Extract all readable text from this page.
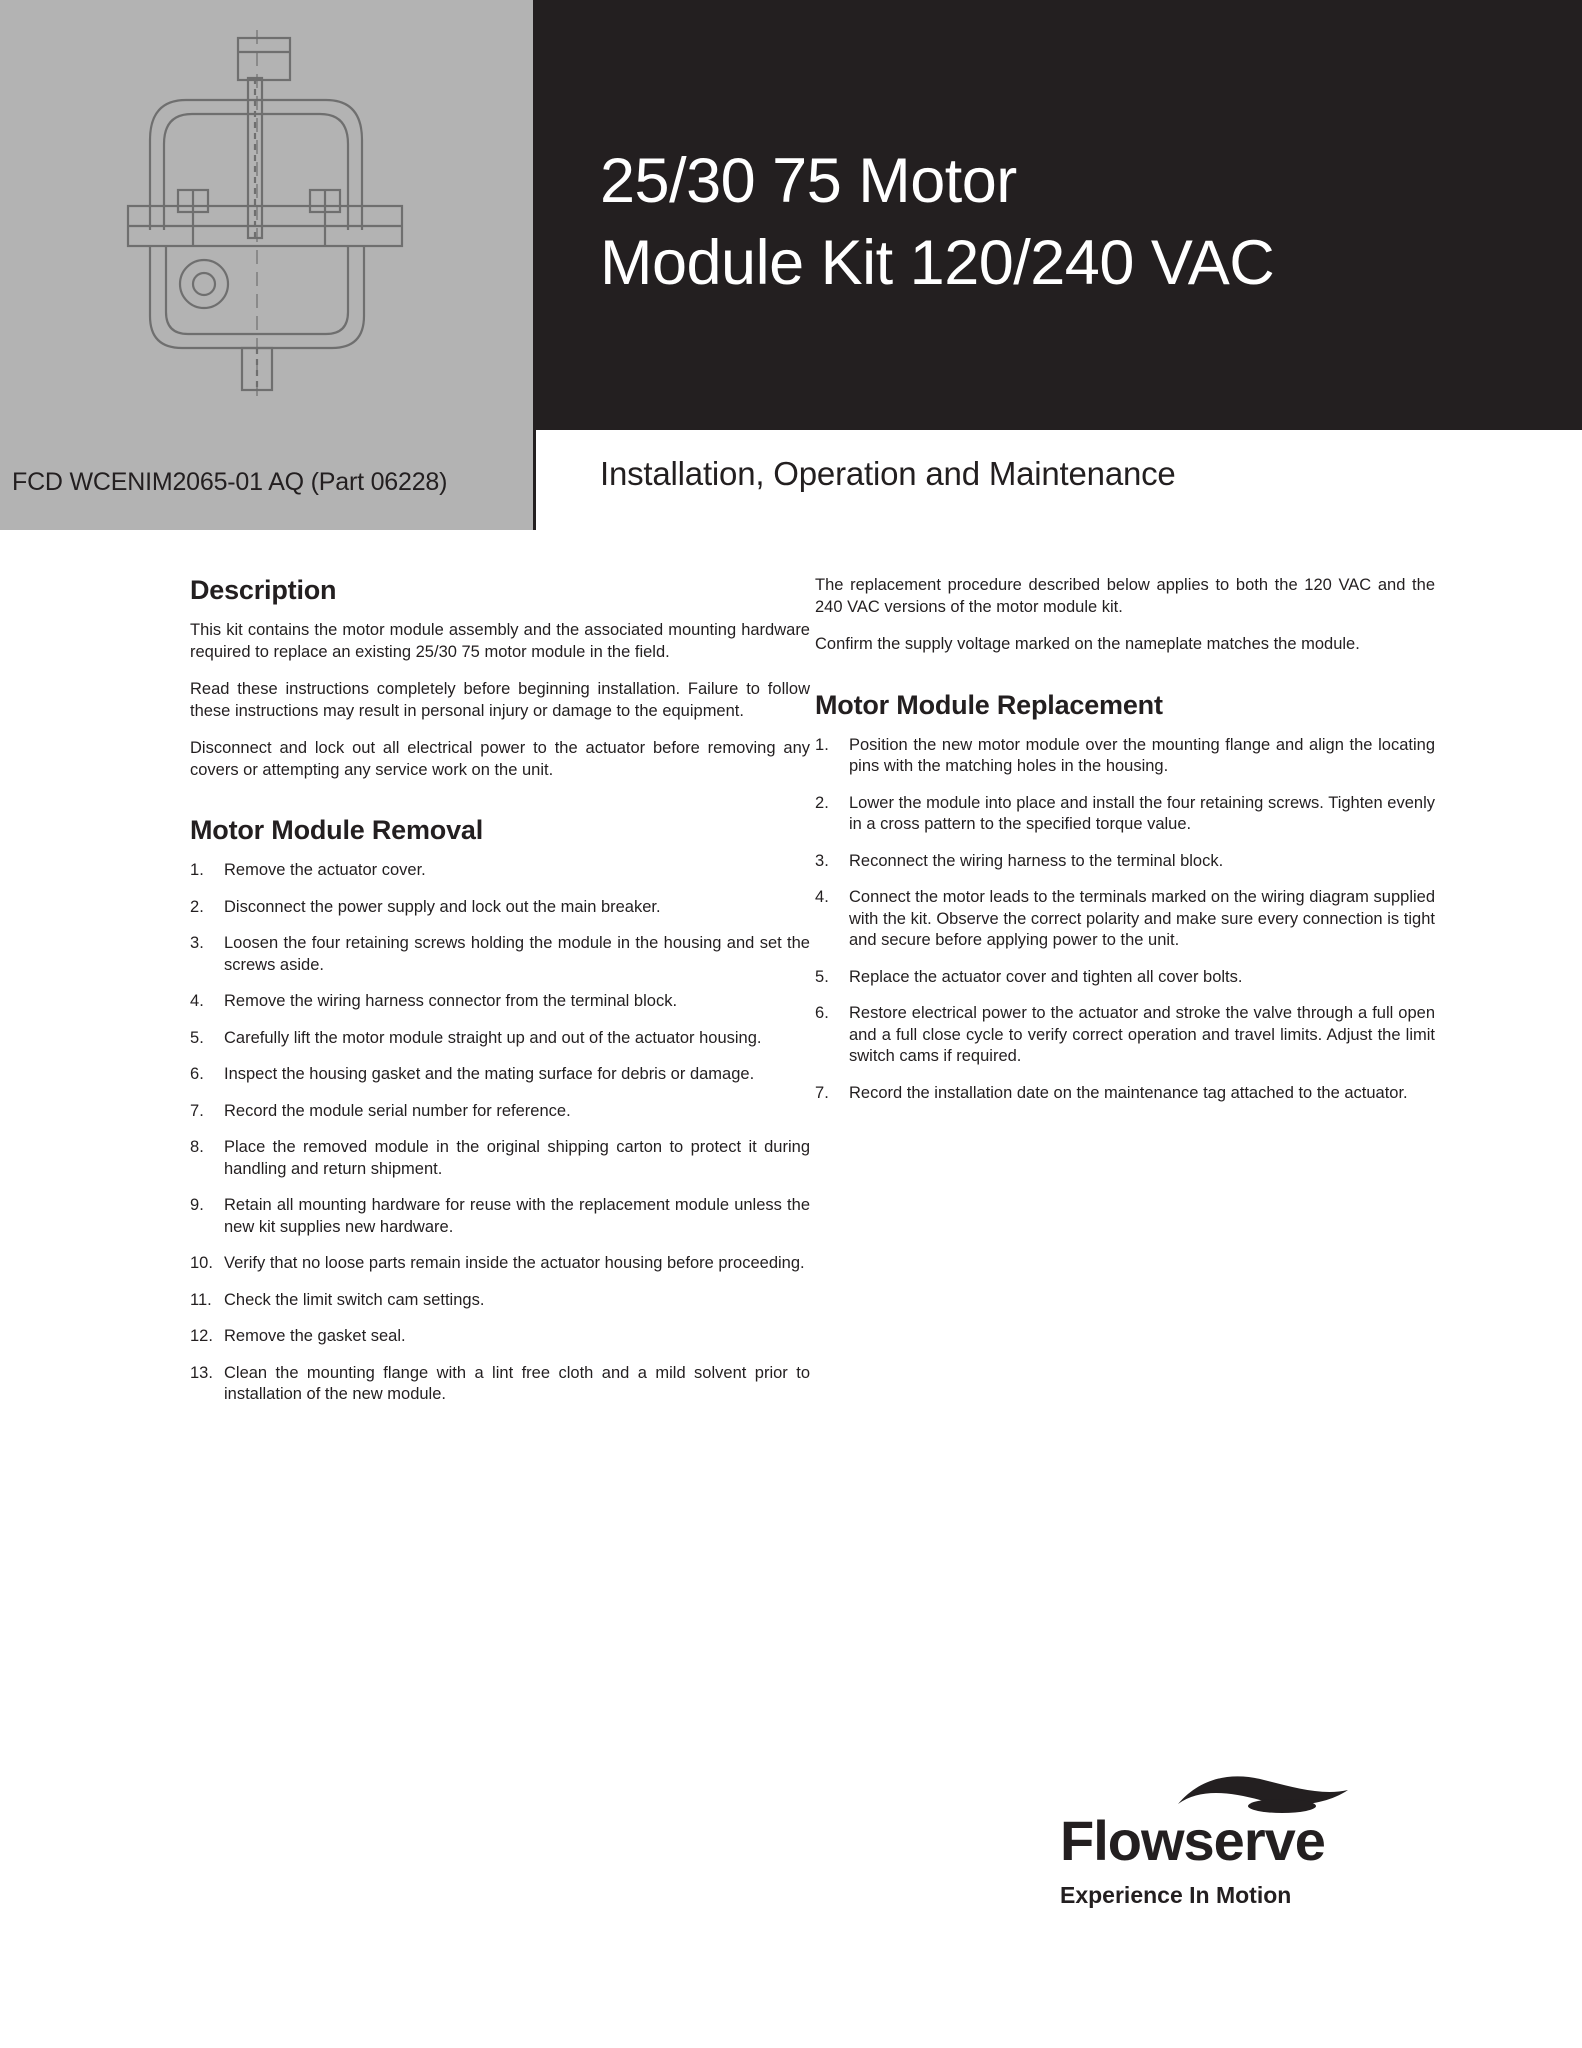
FCD WCENIM2065-01 AQ (Part 06228)
25/30 75 Motor
Module Kit 120/240 VAC
Installation, Operation and Maintenance
Description

This kit contains the motor module assembly and the associated mounting hardware required to replace an existing 25/30 75 motor module in the field.

Read these instructions completely before beginning installation. Failure to follow these instructions may result in personal injury or damage to the equipment.

Disconnect and lock out all electrical power to the actuator before removing any covers or attempting any service work on the unit.

Motor Module Removal
Remove the actuator cover.
Disconnect the power supply and lock out the main breaker.
Loosen the four retaining screws holding the module in the housing and set the screws aside.
Remove the wiring harness connector from the terminal block.
Carefully lift the motor module straight up and out of the actuator housing.
Inspect the housing gasket and the mating surface for debris or damage.
Record the module serial number for reference.
Place the removed module in the original shipping carton to protect it during handling and return shipment.
Retain all mounting hardware for reuse with the replacement module unless the new kit supplies new hardware.
Verify that no loose parts remain inside the actuator housing before proceeding.
Check the limit switch cam settings.
Remove the gasket seal.
Clean the mounting flange with a lint free cloth and a mild solvent prior to installation of the new module.

The replacement procedure described below applies to both the 120 VAC and the 240 VAC versions of the motor module kit.

Confirm the supply voltage marked on the nameplate matches the module.

Motor Module Replacement
Position the new motor module over the mounting flange and align the locating pins with the matching holes in the housing.
Lower the module into place and install the four retaining screws. Tighten evenly in a cross pattern to the specified torque value.
Reconnect the wiring harness to the terminal block.
Connect the motor leads to the terminals marked on the wiring diagram supplied with the kit. Observe the correct polarity and make sure every connection is tight and secure before applying power to the unit.
Replace the actuator cover and tighten all cover bolts.
Restore electrical power to the actuator and stroke the valve through a full open and a full close cycle to verify correct operation and travel limits. Adjust the limit switch cams if required.
Record the installation date on the maintenance tag attached to the actuator.
Flowserve
Experience In Motion
